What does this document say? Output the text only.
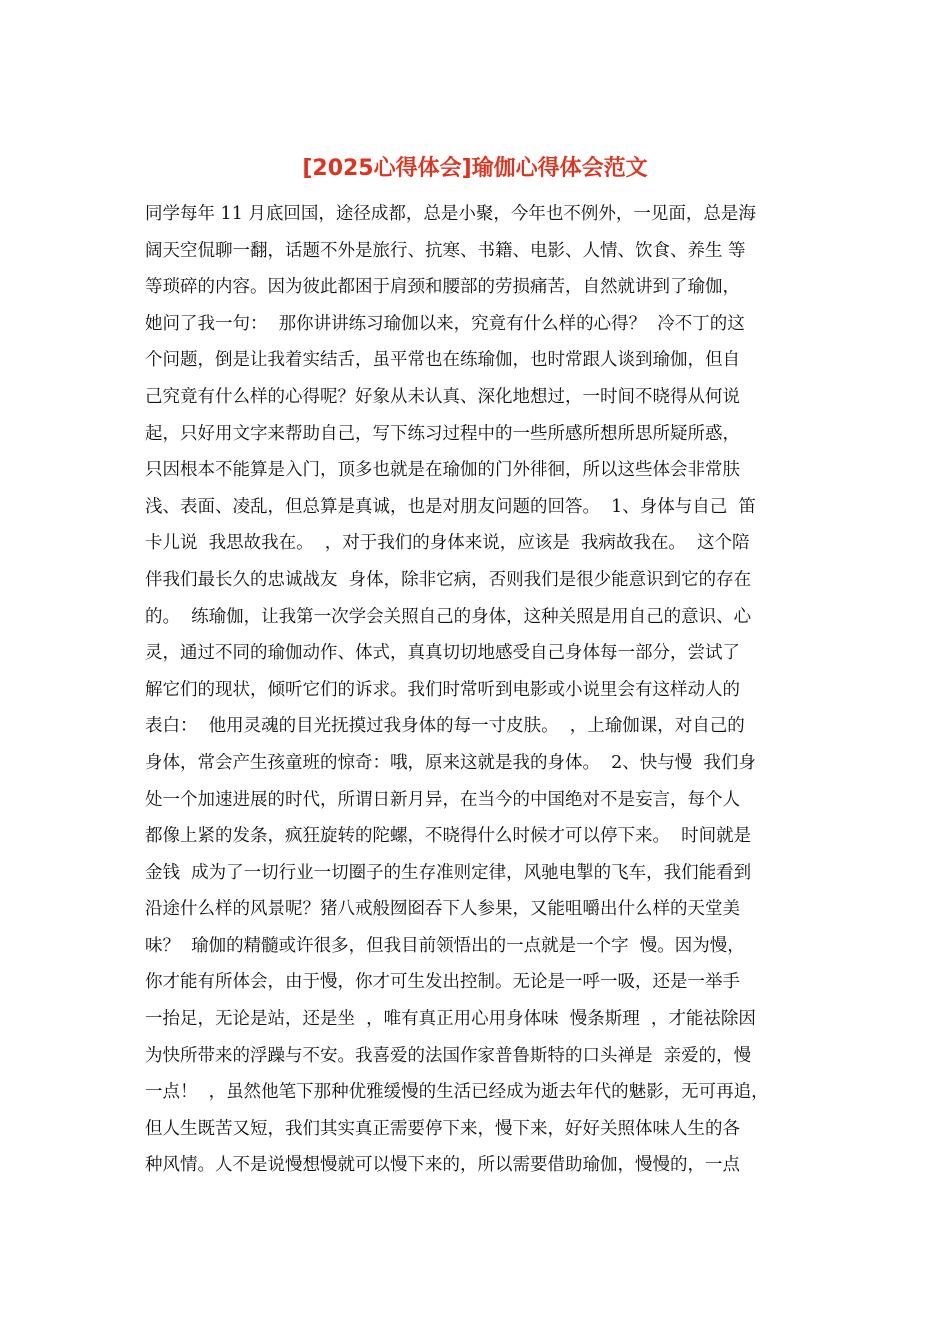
[2025心得体会]瑜伽心得体会范文
同学每年 11 月底回国，途径成都，总是小聚，今年也不例外，一见面，总是海
阔天空侃聊一翻，话题不外是旅行、抗寒、书籍、电影、人情、饮食、养生 等
等琐碎的内容。因为彼此都困于肩颈和腰部的劳损痛苦，自然就讲到了瑜伽，
她问了我一句：  那你讲讲练习瑜伽以来，究竟有什么样的心得？  冷不丁的这
个问题，倒是让我着实结舌，虽平常也在练瑜伽，也时常跟人谈到瑜伽，但自
己究竟有什么样的心得呢？好象从未认真、深化地想过，一时间不晓得从何说
起，只好用文字来帮助自己，写下练习过程中的一些所感所想所思所疑所惑，
只因根本不能算是入门，顶多也就是在瑜伽的门外徘徊，所以这些体会非常肤
浅、表面、凌乱，但总算是真诚，也是对朋友问题的回答。  1、身体与自己  笛
卡儿说  我思故我在。  ，对于我们的身体来说，应该是  我病故我在。  这个陪
伴我们最长久的忠诚战友  身体，除非它病，否则我们是很少能意识到它的存在
的。  练瑜伽，让我第一次学会关照自己的身体，这种关照是用自己的意识、心
灵，通过不同的瑜伽动作、体式，真真切切地感受自己身体每一部分，尝试了
解它们的现状，倾听它们的诉求。我们时常听到电影或小说里会有这样动人的
表白：  他用灵魂的目光抚摸过我身体的每一寸皮肤。  ，上瑜伽课，对自己的
身体，常会产生孩童班的惊奇：哦，原来这就是我的身体。  2、快与慢  我们身
处一个加速进展的时代，所谓日新月异，在当今的中国绝对不是妄言，每个人
都像上紧的发条，疯狂旋转的陀螺，不晓得什么时候才可以停下来。  时间就是
金钱  成为了一切行业一切圈子的生存准则定律，风驰电掣的飞车，我们能看到
沿途什么样的风景呢？猪八戒般囫囵吞下人参果，又能咀嚼出什么样的天堂美
味？  瑜伽的精髓或许很多，但我目前领悟出的一点就是一个字  慢。因为慢，
你才能有所体会，由于慢，你才可生发出控制。无论是一呼一吸，还是一举手
一抬足，无论是站，还是坐  ，唯有真正用心用身体味  慢条斯理  ，才能祛除因
为快所带来的浮躁与不安。我喜爱的法国作家普鲁斯特的口头禅是  亲爱的，慢
一点！  ，虽然他笔下那种优雅缓慢的生活已经成为逝去年代的魅影，无可再追，
但人生既苦又短，我们其实真正需要停下来，慢下来，好好关照体味人生的各
种风情。人不是说慢想慢就可以慢下来的，所以需要借助瑜伽，慢慢的，一点
